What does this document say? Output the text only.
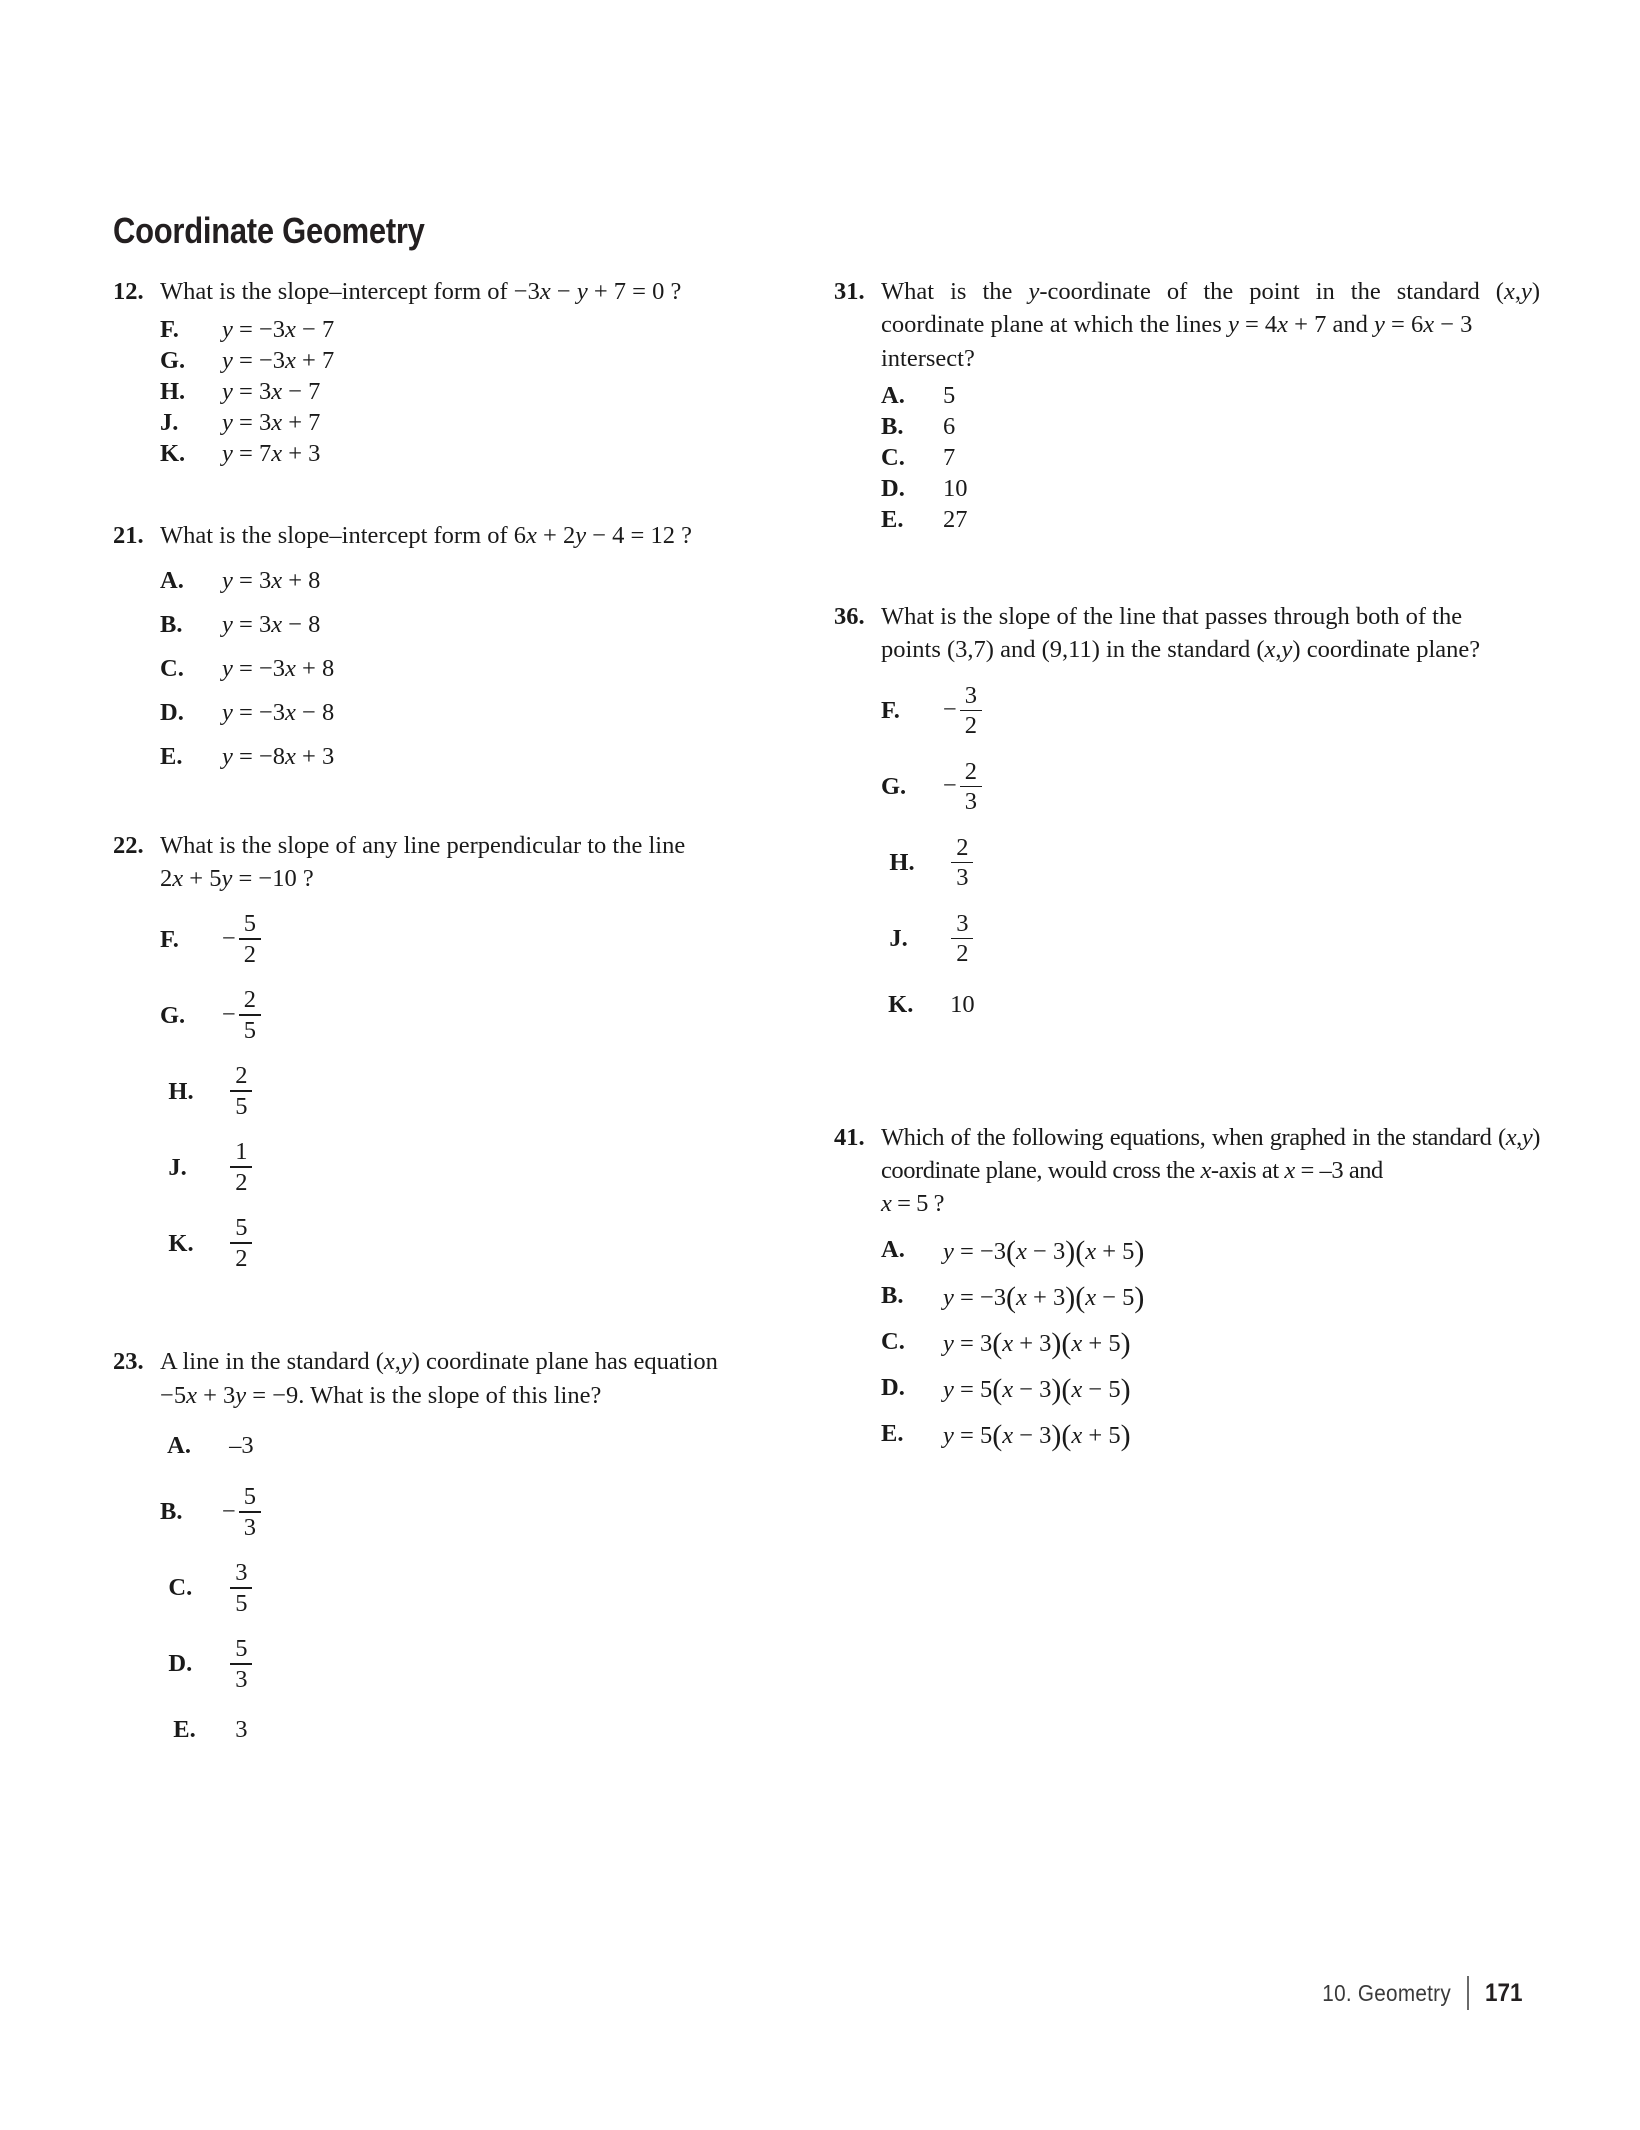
Coordinate Geometry
12. What is the slope–intercept form of −3x − y + 7 = 0 ?
F.	y = −3x − 7
G.	y = −3x + 7
H.	y = 3x − 7
J.	y = 3x + 7
K.	y = 7x + 3
21. What is the slope–intercept form of 6x + 2y − 4 = 12 ?
A.	y = 3x + 8
B.	y = 3x − 8
C.	y = −3x + 8
D.	y = −3x − 8
E.	y = −8x + 3
22. What is the slope of any line perpendicular to the line
2x + 5y = −10 ?
F.	− $\frac{5}{2}$
G.	− $\frac{2}{5}$
H.	$\frac{2}{5}$
J.	$\frac{1}{2}$
K.	$\frac{5}{2}$
23. A line in the standard (x,y) coordinate plane has equation
−5x + 3y = −9. What is the slope of this line?
A.	–3
B.	− $\frac{5}{3}$
C.	$\frac{3}{5}$
D.	$\frac{5}{3}$
E.	3
31. What is the y-coordinate of the point in the standard (x,y) coordinate plane at which the lines y = 4x + 7 and y = 6x − 3
intersect?
A.	5
B.	6
C.	7
D.	10
E.	27
36. What is the slope of the line that passes through both of the
points (3,7) and (9,11) in the standard (x,y) coordinate plane?
F.	− $\frac{3}{2}$
G.	− $\frac{2}{3}$
H.	$\frac{2}{3}$
J.	$\frac{3}{2}$
K.	10
41. Which of the following equations, when graphed in the standard (x,y) coordinate plane, would cross the x-axis at x = –3 and
x = 5 ?
A.	y = −3(x − 3)(x + 5)
B.	y = −3(x + 3)(x − 5)
C.	y = 3(x + 3)(x + 5)
D.	y = 5(x − 3)(x − 5)
E.	y = 5(x − 3)(x + 5)
10. Geometry 171
